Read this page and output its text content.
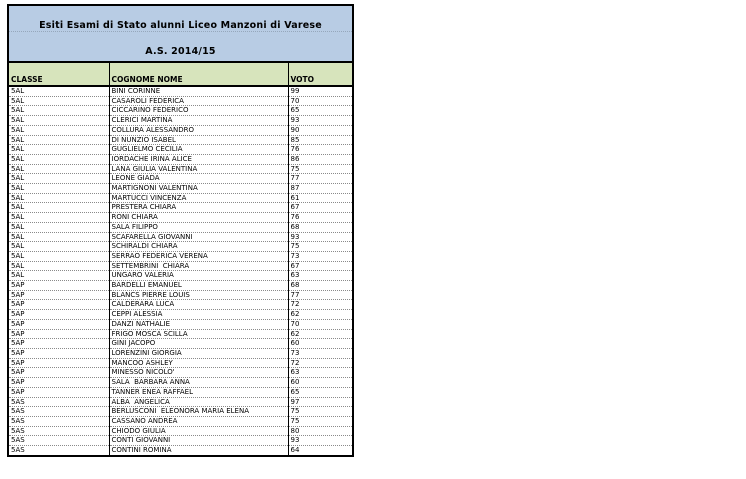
Esiti Esami di Stato alunni Liceo Manzoni di Varese
A.S. 2014/15
CLASSE	COGNOME NOME	VOTO
5AL	BINI CORINNE	99
5AL	CASAROLI FEDERICA	70
5AL	CICCARINO FEDERICO	65
5AL	CLERICI MARTINA	93
5AL	COLLURA ALESSANDRO	90
5AL	DI NUNZIO ISABEL	85
5AL	GUGLIELMO CECILIA	76
5AL	IORDACHE IRINA ALICE	86
5AL	LANA GIULIA VALENTINA	75
5AL	LEONE GIADA	77
5AL	MARTIGNONI VALENTINA	87
5AL	MARTUCCI VINCENZA	61
5AL	PRESTERA CHIARA	67
5AL	RONI CHIARA	76
5AL	SALA FILIPPO	68
5AL	SCAFARELLA GIOVANNI	93
5AL	SCHIRALDI CHIARA	75
5AL	SERRAO FEDERICA VERENA	73
5AL	SETTEMBRINI  CHIARA	67
5AL	UNGARO VALERIA	63
5AP	BARDELLI EMANUEL	68
5AP	BLANCS PIERRE LOUIS	77
5AP	CALDERARA LUCA	72
5AP	CEPPI ALESSIA	62
5AP	DANZI NATHALIE	70
5AP	FRIGO MOSCA SCILLA	62
5AP	GINI JACOPO	60
5AP	LORENZINI GIORGIA	73
5AP	MANCOO ASHLEY	72
5AP	MINESSO NICOLO'	63
5AP	SALA  BARBARA ANNA	60
5AP	TANNER ENEA RAFFAEL	65
5AS	ALBA  ANGELICA	97
5AS	BERLUSCONI  ELEONORA MARIA ELENA	75
5AS	CASSANO ANDREA	75
5AS	CHIODO GIULIA	80
5AS	CONTI GIOVANNI	93
5AS	CONTINI ROMINA	64
